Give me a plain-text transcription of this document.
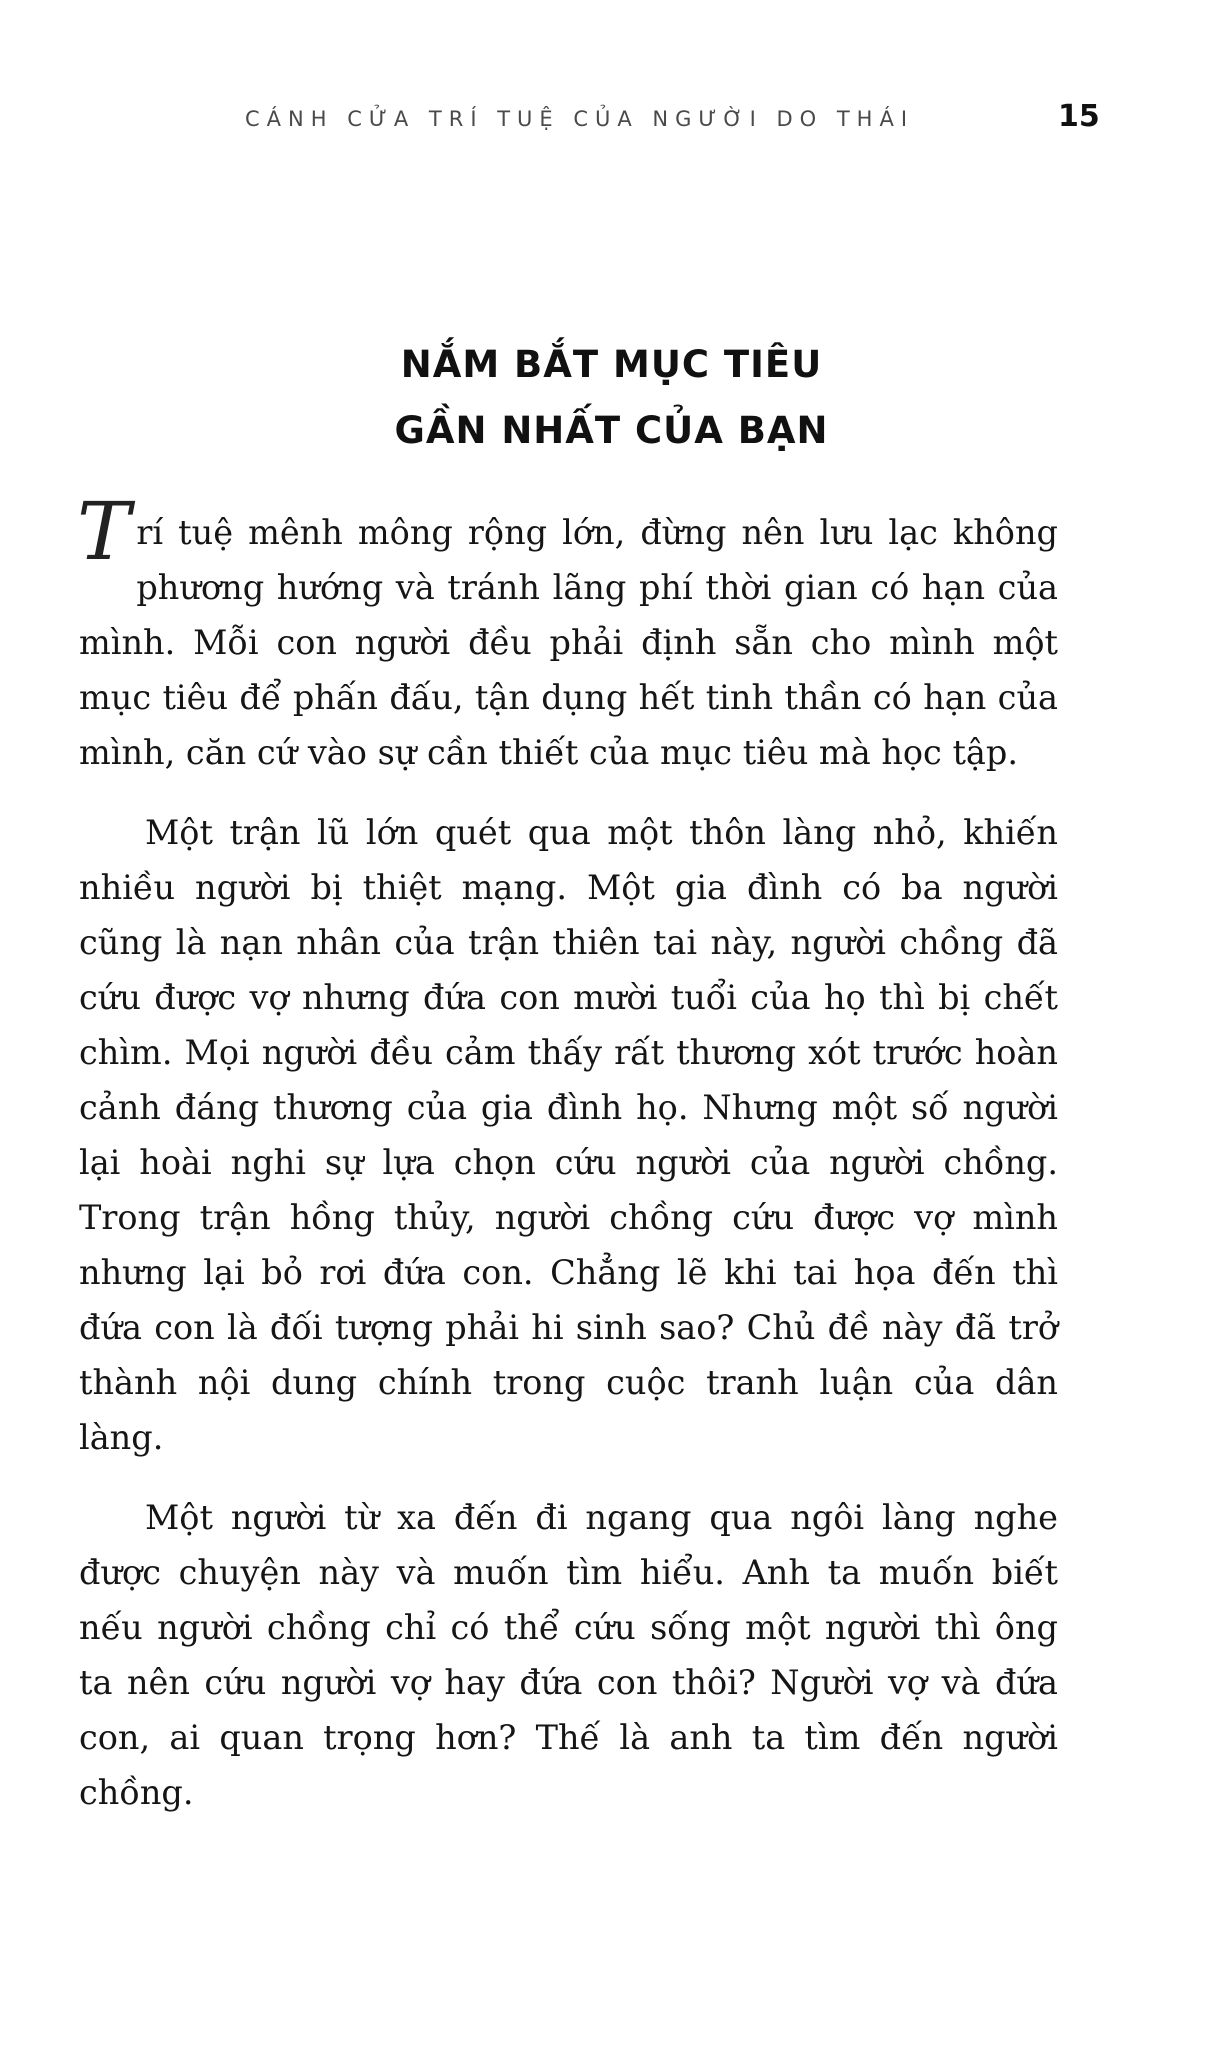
CÁNH CỬA TRÍ TUỆ CỦA NGƯỜI DO THÁI	15
NẮM BẮT MỤC TIÊU
GẦN NHẤT CỦA BẠN

Trí tuệ mênh mông rộng lớn, đừng nên lưu lạc không phương hướng và tránh lãng phí thời gian có hạn của mình. Mỗi con người đều phải định sẵn cho mình một mục tiêu để phấn đấu, tận dụng hết tinh thần có hạn của mình, căn cứ vào sự cần thiết của mục tiêu mà học tập.

Một trận lũ lớn quét qua một thôn làng nhỏ, khiến nhiều người bị thiệt mạng. Một gia đình có ba người cũng là nạn nhân của trận thiên tai này, người chồng đã cứu được vợ nhưng đứa con mười tuổi của họ thì bị chết chìm. Mọi người đều cảm thấy rất thương xót trước hoàn cảnh đáng thương của gia đình họ. Nhưng một số người lại hoài nghi sự lựa chọn cứu người của người chồng. Trong trận hồng thủy, người chồng cứu được vợ mình nhưng lại bỏ rơi đứa con. Chẳng lẽ khi tai họa đến thì đứa con là đối tượng phải hi sinh sao? Chủ đề này đã trở thành nội dung chính trong cuộc tranh luận của dân làng.

Một người từ xa đến đi ngang qua ngôi làng nghe được chuyện này và muốn tìm hiểu. Anh ta muốn biết nếu người chồng chỉ có thể cứu sống một người thì ông ta nên cứu người vợ hay đứa con thôi? Người vợ và đứa con, ai quan trọng hơn? Thế là anh ta tìm đến người chồng.
